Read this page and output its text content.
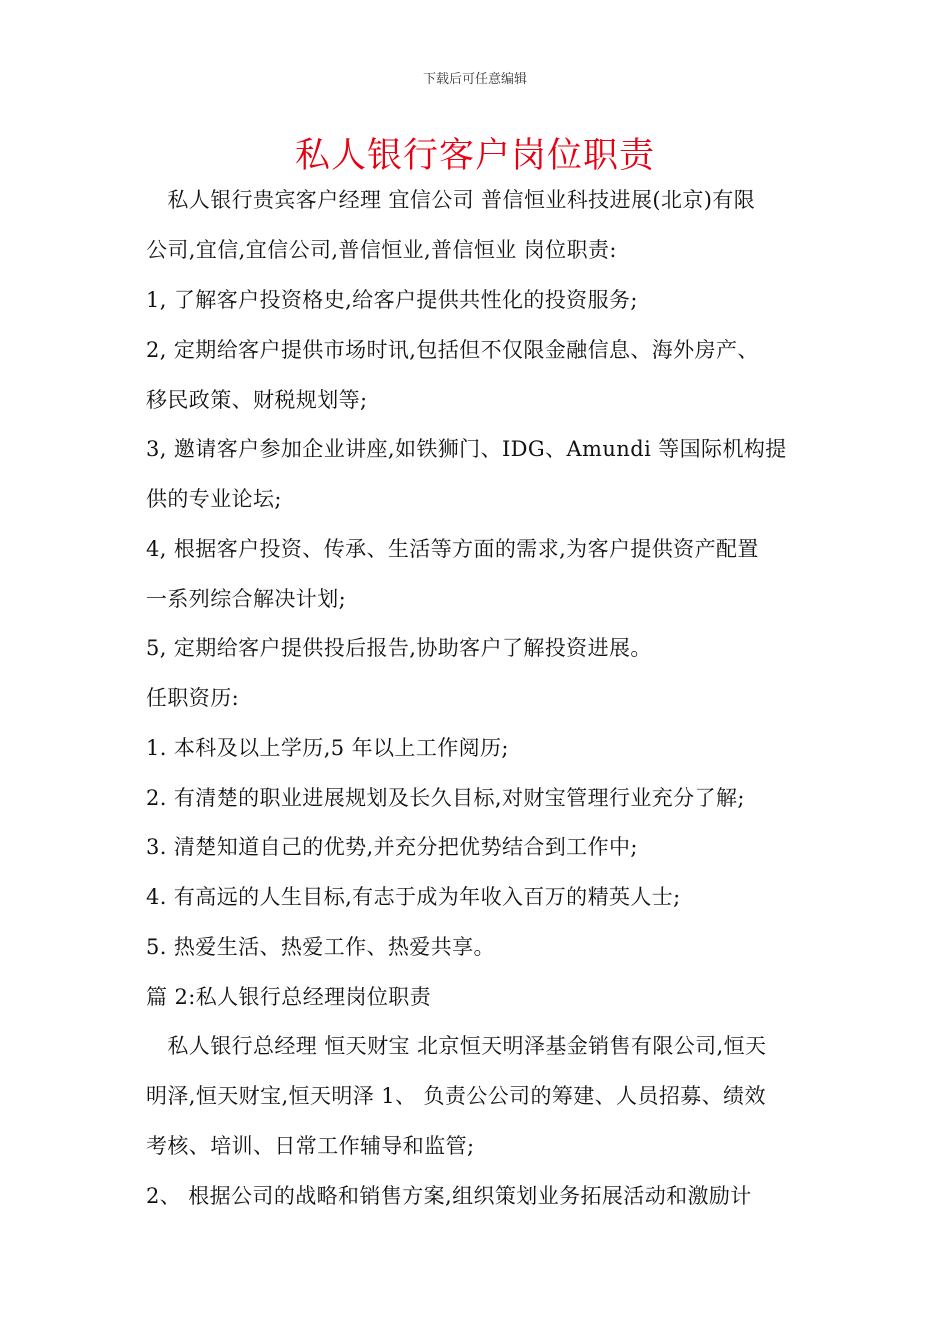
下载后可任意编辑
私人银行客户岗位职责
　私人银行贵宾客户经理 宜信公司 普信恒业科技进展(北京)有限
公司,宜信,宜信公司,普信恒业,普信恒业 岗位职责:
1, 了解客户投资格史,给客户提供共性化的投资服务;
2, 定期给客户提供市场时讯,包括但不仅限金融信息、海外房产、
移民政策、财税规划等;
3, 邀请客户参加企业讲座,如铁狮门、IDG、Amundi 等国际机构提
供的专业论坛;
4, 根据客户投资、传承、生活等方面的需求,为客户提供资产配置
一系列综合解决计划;
5, 定期给客户提供投后报告,协助客户了解投资进展。
任职资历:
1. 本科及以上学历,5 年以上工作阅历;
2. 有清楚的职业进展规划及长久目标,对财宝管理行业充分了解;
3. 清楚知道自己的优势,并充分把优势结合到工作中;
4. 有高远的人生目标,有志于成为年收入百万的精英人士;
5. 热爱生活、热爱工作、热爱共享。
篇 2:私人银行总经理岗位职责
　私人银行总经理 恒天财宝 北京恒天明泽基金销售有限公司,恒天
明泽,恒天财宝,恒天明泽 1、 负责公公司的筹建、人员招募、绩效
考核、培训、日常工作辅导和监管;
2、 根据公司的战略和销售方案,组织策划业务拓展活动和激励计
